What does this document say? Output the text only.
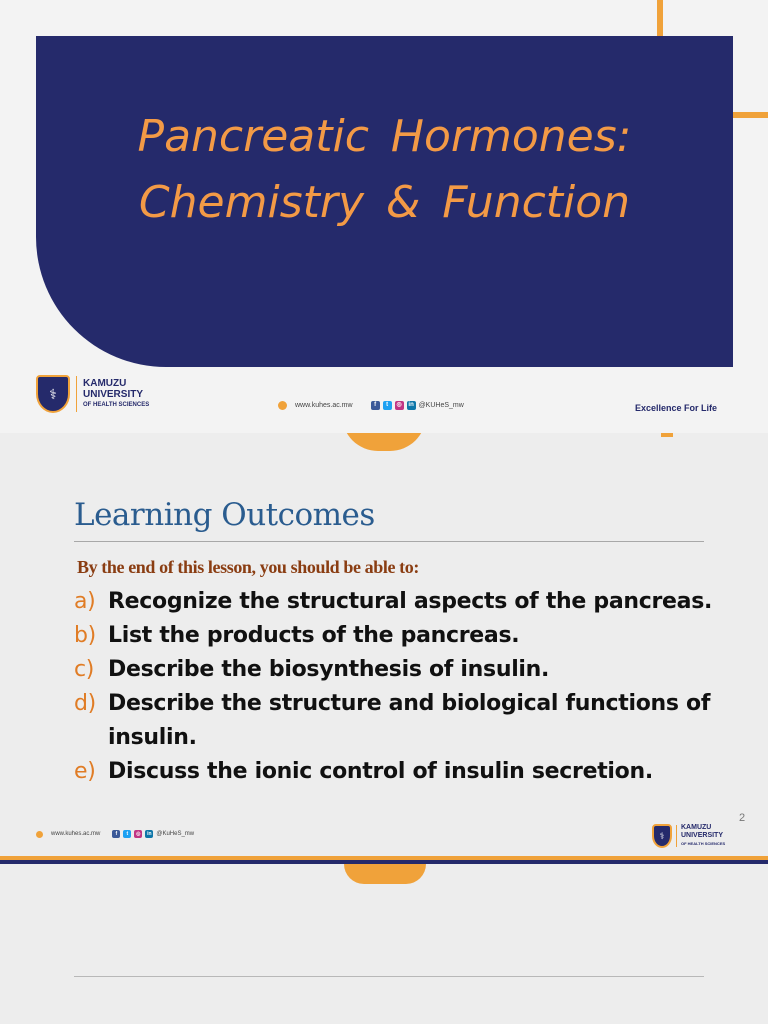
Pancreatic Hormones:
Chemistry & Function
⚕
KAMUZU
UNIVERSITY
OF HEALTH SCIENCES	www.kuhes.ac.mw	f	t	◎	in @KUHeS_mw	Excellence For Life
Learning Outcomes
By the end of this lesson, you should be able to:
a) Recognize the structural aspects of the pancreas.
b) List the products of the pancreas.
c) Describe the biosynthesis of insulin.
d) Describe the structure and biological functions of insulin.
e) Discuss the ionic control of insulin secretion.
2
www.kuhes.ac.mw	f	t	◎	in @KuHeS_mw	⚕
KAMUZU
UNIVERSITY
OF HEALTH SCIENCES
